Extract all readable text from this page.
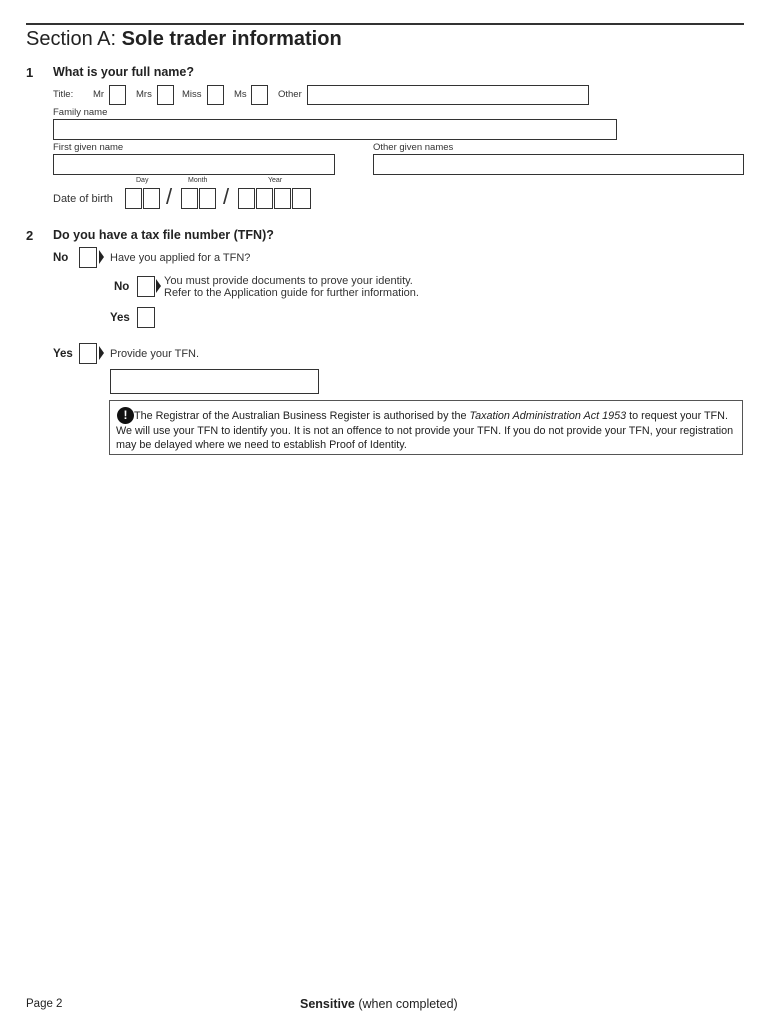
Section A: Sole trader information
1 What is your full name?
Title: Mr	Mrs	Miss	Ms	Other
Family name
First given name	Other given names
Day	Month	Year
Date of birth / /
2 Do you have a tax file number (TFN)?
No	Have you applied for a TFN?
No	You must provide documents to prove your identity.
Refer to the Application guide for further information.
Yes
Yes	Provide your TFN.
! The Registrar of the Australian Business Register is authorised by the Taxation Administration Act 1953 to request your TFN. We will use your TFN to identify you. It is not an offence to not provide your TFN. If you do not provide your TFN, your registration may be delayed where we need to establish Proof of Identity.
Page 2	Sensitive (when completed)
